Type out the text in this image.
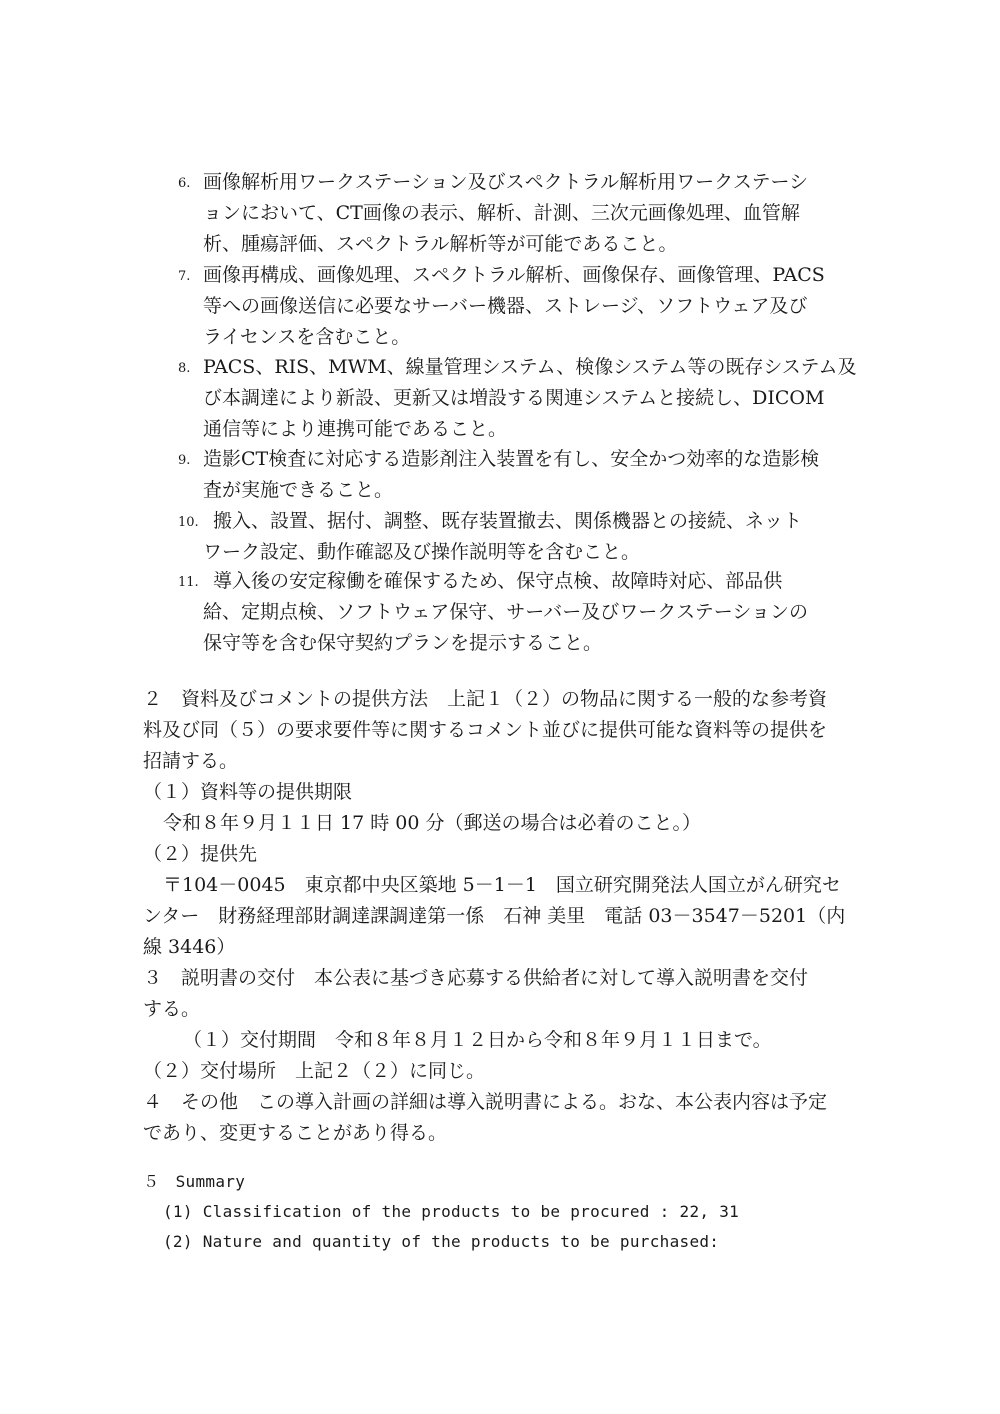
6. 画像解析用ワークステーション及びスペクトラル解析用ワークステーシ
ョンにおいて、CT画像の表示、解析、計測、三次元画像処理、血管解
析、腫瘍評価、スペクトラル解析等が可能であること。
7. 画像再構成、画像処理、スペクトラル解析、画像保存、画像管理、PACS
等への画像送信に必要なサーバー機器、ストレージ、ソフトウェア及び
ライセンスを含むこと。
8. PACS、RIS、MWM、線量管理システム、検像システム等の既存システム及
び本調達により新設、更新又は増設する関連システムと接続し、DICOM
通信等により連携可能であること。
9. 造影CT検査に対応する造影剤注入装置を有し、安全かつ効率的な造影検
査が実施できること。
10. 搬入、設置、据付、調整、既存装置撤去、関係機器との接続、ネット
ワーク設定、動作確認及び操作説明等を含むこと。
11. 導入後の安定稼働を確保するため、保守点検、故障時対応、部品供
給、定期点検、ソフトウェア保守、サーバー及びワークステーションの
保守等を含む保守契約プランを提示すること。
２　資料及びコメントの提供方法　上記１（２）の物品に関する一般的な参考資
料及び同（５）の要求要件等に関するコメント並びに提供可能な資料等の提供を
招請する。
（１）資料等の提供期限
令和８年９月１１日 17 時 00 分（郵送の場合は必着のこと。）
（２）提供先
〒104－0045　東京都中央区築地 5－1－1　国立研究開発法人国立がん研究セ
ンター　財務経理部財調達課調達第一係　石神 美里　電話 03－3547－5201（内
線 3446）
３　説明書の交付　本公表に基づき応募する供給者に対して導入説明書を交付
する。
（１）交付期間　令和８年８月１２日から令和８年９月１１日まで。
（２）交付場所　上記２（２）に同じ。
４　その他　この導入計画の詳細は導入説明書による。おな、本公表内容は予定
であり、変更することがあり得る。
５　Summary
(1) Classification of the products to be procured : 22, 31
(2) Nature and quantity of the products to be purchased:
